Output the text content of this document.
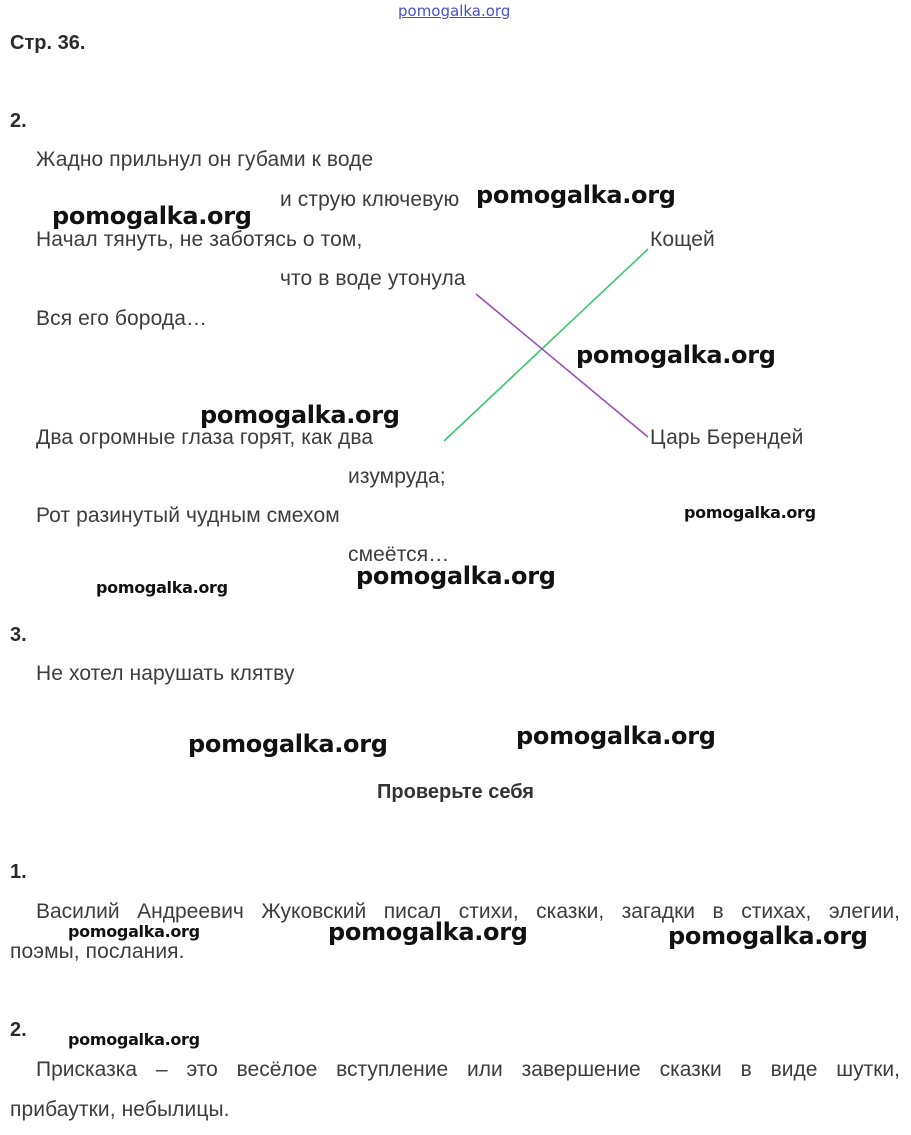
pomogalka.org
Стр. 36.
2.
Жадно прильнул он губами к воде
и струю ключевую
Начал тянуть, не заботясь о том,
что в воде утонула
Вся его борода…
Два огромные глаза горят, как два
изумруда;
Рот разинутый чудным смехом
смеётся…
Кощей
Царь Берендей
3.
Не хотел нарушать клятву
Проверьте себя
1.
Василий Андреевич Жуковский писал стихи, сказки, загадки в стихах, элегии,
поэмы, послания.
2.
Присказка – это весёлое вступление или завершение сказки в виде шутки,
прибаутки, небылицы.
pomogalka.org
pomogalka.org
pomogalka.org
pomogalka.org
pomogalka.org
pomogalka.org
pomogalka.org
pomogalka.org	pomogalka.org
pomogalka.org	pomogalka.org	pomogalka.org
pomogalka.org
